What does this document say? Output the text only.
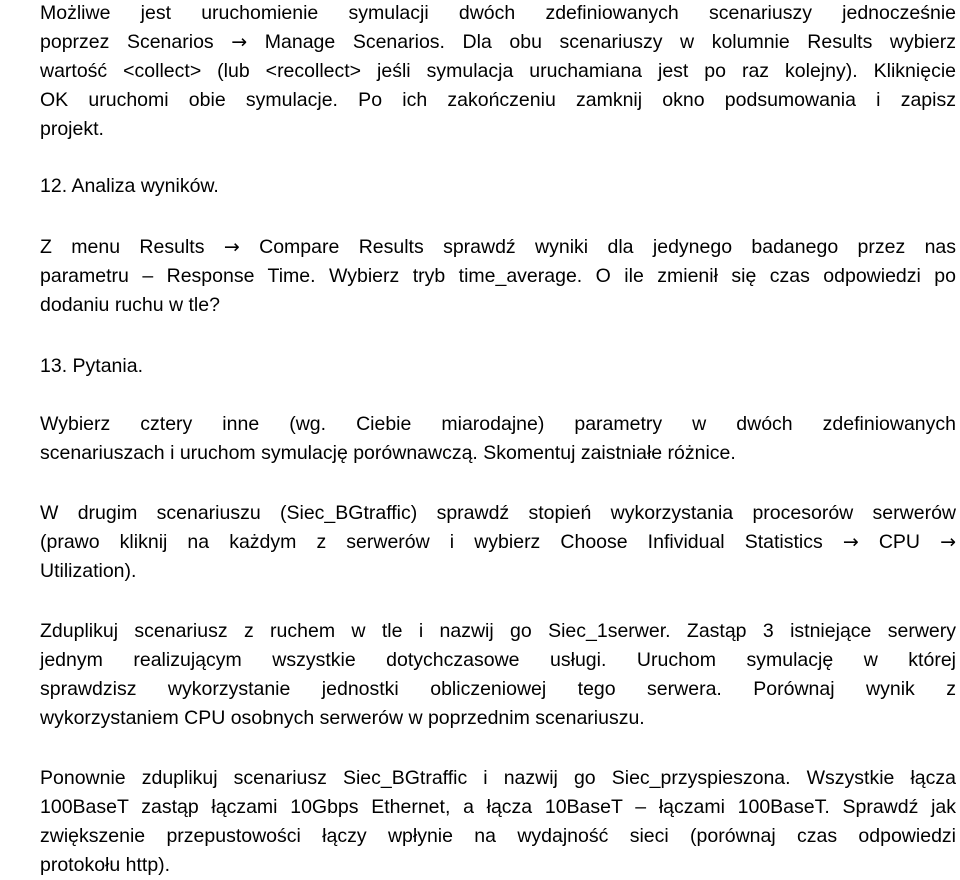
Możliwe jest uruchomienie symulacji dwóch zdefiniowanych scenariuszy jednocześnie
poprzez Scenarios → Manage Scenarios. Dla obu scenariuszy w kolumnie Results wybierz
wartość <collect> (lub <recollect> jeśli symulacja uruchamiana jest po raz kolejny). Kliknięcie
OK uruchomi obie symulacje. Po ich zakończeniu zamknij okno podsumowania i zapisz
projekt.
12. Analiza wyników.
Z menu Results → Compare Results sprawdź wyniki dla jedynego badanego przez nas
parametru – Response Time. Wybierz tryb time_average. O ile zmienił się czas odpowiedzi po
dodaniu ruchu w tle?
13. Pytania.
Wybierz cztery inne (wg. Ciebie miarodajne) parametry w dwóch zdefiniowanych
scenariuszach i uruchom symulację porównawczą. Skomentuj zaistniałe różnice.
W drugim scenariuszu (Siec_BGtraffic) sprawdź stopień wykorzystania procesorów serwerów
(prawo kliknij na każdym z serwerów i wybierz Choose Infividual Statistics → CPU →
Utilization).
Zduplikuj scenariusz z ruchem w tle i nazwij go Siec_1serwer. Zastąp 3 istniejące serwery
jednym realizującym wszystkie dotychczasowe usługi. Uruchom symulację w której
sprawdzisz wykorzystanie jednostki obliczeniowej tego serwera. Porównaj wynik z
wykorzystaniem CPU osobnych serwerów w poprzednim scenariuszu.
Ponownie zduplikuj scenariusz Siec_BGtraffic i nazwij go Siec_przyspieszona. Wszystkie łącza
100BaseT zastąp łączami 10Gbps Ethernet, a łącza 10BaseT – łączami 100BaseT. Sprawdź jak
zwiększenie przepustowości łączy wpłynie na wydajność sieci (porównaj czas odpowiedzi
protokołu http).
